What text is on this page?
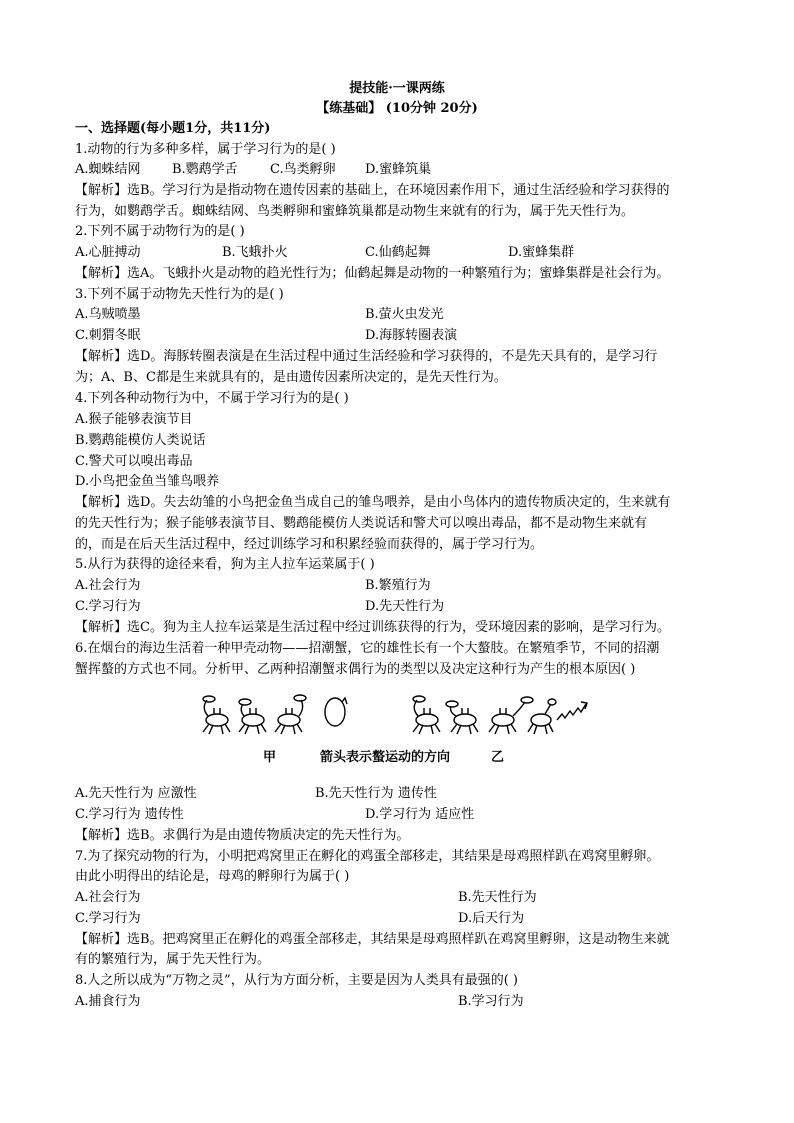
提技能·一课两练
【练基础】 (10分钟 20分)
一、选择题(每小题1分，共11分)
1.动物的行为多种多样，属于学习行为的是( )
A.蜘蛛结网 B.鹦鹉学舌 C.鸟类孵卵 D.蜜蜂筑巢
【解析】选B。学习行为是指动物在遗传因素的基础上，在环境因素作用下，通过生活经验和学习获得的
行为，如鹦鹉学舌。蜘蛛结网、鸟类孵卵和蜜蜂筑巢都是动物生来就有的行为，属于先天性行为。
2.下列不属于动物行为的是( )
A.心脏搏动	B.飞蛾扑火	C.仙鹤起舞	D.蜜蜂集群
【解析】选A。飞蛾扑火是动物的趋光性行为；仙鹤起舞是动物的一种繁殖行为；蜜蜂集群是社会行为。
3.下列不属于动物先天性行为的是( )
A.乌贼喷墨	B.萤火虫发光
C.刺猬冬眠	D.海豚转圈表演
【解析】选D。海豚转圈表演是在生活过程中通过生活经验和学习获得的，不是先天具有的，是学习行
为；A、B、C都是生来就具有的，是由遗传因素所决定的，是先天性行为。
4.下列各种动物行为中，不属于学习行为的是( )
A.猴子能够表演节目
B.鹦鹉能模仿人类说话
C.警犬可以嗅出毒品
D.小鸟把金鱼当雏鸟喂养
【解析】选D。失去幼雏的小鸟把金鱼当成自己的雏鸟喂养，是由小鸟体内的遗传物质决定的，生来就有
的先天性行为；猴子能够表演节目、鹦鹉能模仿人类说话和警犬可以嗅出毒品，都不是动物生来就有
的，而是在后天生活过程中，经过训练学习和积累经验而获得的，属于学习行为。
5.从行为获得的途径来看，狗为主人拉车运菜属于( )
A.社会行为	B.繁殖行为
C.学习行为	D.先天性行为
【解析】选C。狗为主人拉车运菜是生活过程中经过训练获得的行为，受环境因素的影响，是学习行为。
6.在烟台的海边生活着一种甲壳动物——招潮蟹，它的雄性长有一个大螯肢。在繁殖季节，不同的招潮
蟹挥螯的方式也不同。分析甲、乙两种招潮蟹求偶行为的类型以及决定这种行为产生的根本原因( )
甲	箭头表示螯运动的方向	乙
A.先天性行为 应激性	B.先天性行为 遗传性
C.学习行为 遗传性	D.学习行为 适应性
【解析】选B。求偶行为是由遗传物质决定的先天性行为。
7.为了探究动物的行为，小明把鸡窝里正在孵化的鸡蛋全部移走，其结果是母鸡照样趴在鸡窝里孵卵。
由此小明得出的结论是，母鸡的孵卵行为属于( )
A.社会行为	B.先天性行为
C.学习行为	D.后天行为
【解析】选B。把鸡窝里正在孵化的鸡蛋全部移走，其结果是母鸡照样趴在鸡窝里孵卵，这是动物生来就
有的繁殖行为，属于先天性行为。
8.人之所以成为“万物之灵”，从行为方面分析，主要是因为人类具有最强的( )
A.捕食行为	B.学习行为
